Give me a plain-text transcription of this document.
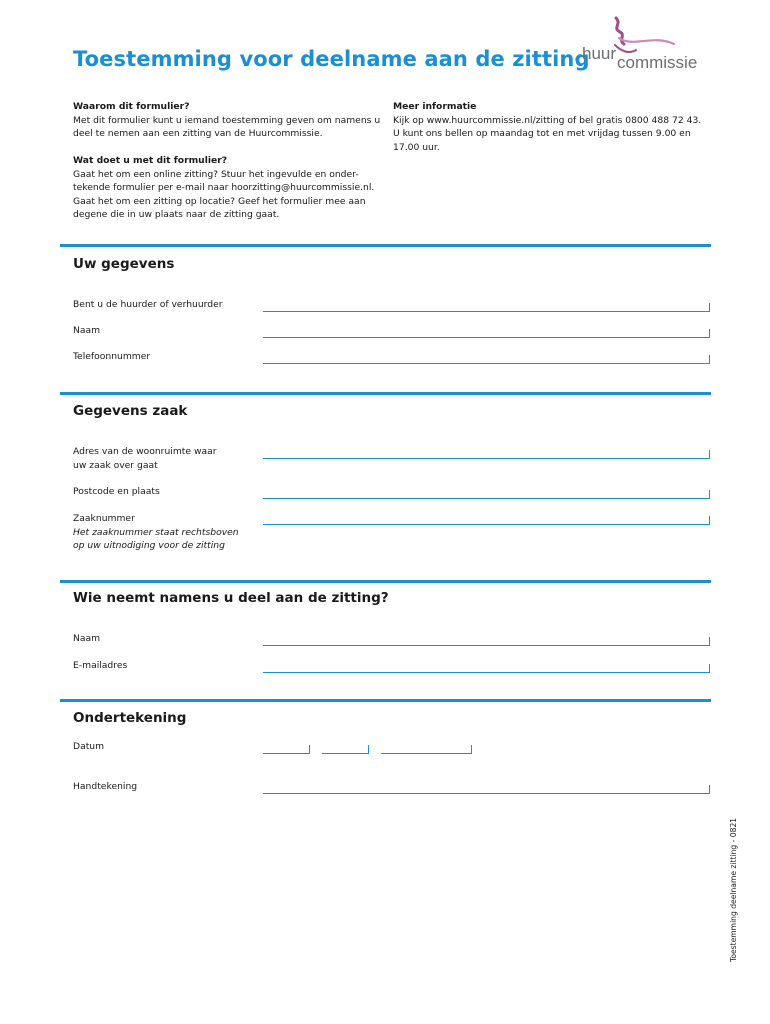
Toestemming voor deelname aan de zitting
huur commissie
Waarom dit formulier?
Met dit formulier kunt u iemand toestemming geven om namens u
deel te nemen aan een zitting van de Huurcommissie.
Wat doet u met dit formulier?
Gaat het om een online zitting? Stuur het ingevulde en onder-
tekende formulier per e-mail naar hoorzitting@huurcommissie.nl.
Gaat het om een zitting op locatie? Geef het formulier mee aan
degene die in uw plaats naar de zitting gaat.
Meer informatie
Kijk op www.huurcommissie.nl/zitting of bel gratis 0800 488 72 43.
U kunt ons bellen op maandag tot en met vrijdag tussen 9.00 en
17.00 uur.
Uw gegevens
Bent u de huurder of verhuurder
Naam
Telefoonnummer
Gegevens zaak
Adres van de woonruimte waar
uw zaak over gaat
Postcode en plaats
Zaaknummer
Het zaaknummer staat rechtsboven
op uw uitnodiging voor de zitting
Wie neemt namens u deel aan de zitting?
Naam
E-mailadres
Ondertekening
Datum
Handtekening
Toestemming deelname zitting - 0821
